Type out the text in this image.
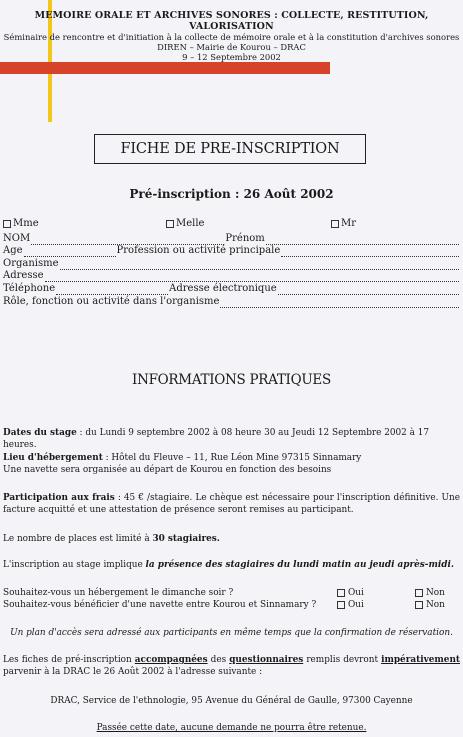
MEMOIRE ORALE ET ARCHIVES SONORES : COLLECTE, RESTITUTION, VALORISATION
Séminaire de rencontre et d'initiation à la collecte de mémoire orale et à la constitution d'archives sonores
DIREN – Mairie de Kourou – DRAC
9 – 12 Septembre 2002
FICHE DE PRE-INSCRIPTION
Pré-inscription : 26 Août 2002
Mme	Melle	Mr
NOM	Prénom
Age	Profession ou activité principale
Organisme
Adresse
Téléphone	Adresse électronique
Rôle, fonction ou activité dans l'organisme
INFORMATIONS PRATIQUES
Dates du stage : du Lundi 9 septembre 2002 à 08 heure 30 au Jeudi 12 Septembre 2002 à 17 heures.
Lieu d'hébergement : Hôtel du Fleuve – 11, Rue Léon Mine 97315 Sinnamary
Une navette sera organisée au départ de Kourou en fonction des besoins
Participation aux frais : 45 € /stagiaire. Le chèque est nécessaire pour l'inscription définitive. Une facture acquitté et une attestation de présence seront remises au participant.
Le nombre de places est limité à 30 stagiaires.
L'inscription au stage implique la présence des stagiaires du lundi matin au jeudi après-midi.
Souhaitez-vous un hébergement le dimanche soir ?	Oui	Non
Souhaitez-vous bénéficier d'une navette entre Kourou et Sinnamary ?	Oui	Non
Un plan d'accès sera adressé aux participants en même temps que la confirmation de réservation.
Les fiches de pré-inscription accompagnées des questionnaires remplis devront impérativement parvenir à la DRAC le 26 Août 2002 à l'adresse suivante :
DRAC, Service de l'ethnologie, 95 Avenue du Général de Gaulle, 97300 Cayenne
Passée cette date, aucune demande ne pourra être retenue.
